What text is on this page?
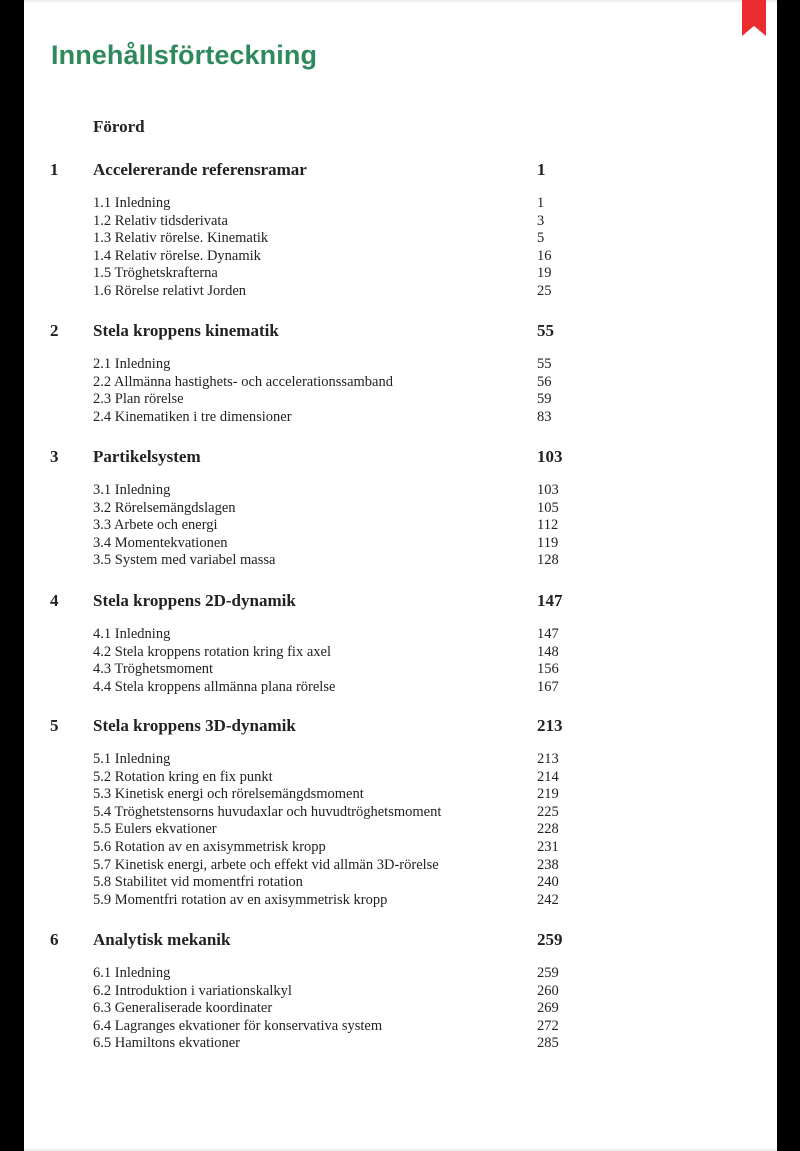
Innehållsförteckning
Förord
1 Accelererande referensramar	1
1.1 Inledning	1
1.2 Relativ tidsderivata	3
1.3 Relativ rörelse. Kinematik	5
1.4 Relativ rörelse. Dynamik	16
1.5 Tröghetskrafterna	19
1.6 Rörelse relativt Jorden	25
2 Stela kroppens kinematik	55
2.1 Inledning	55
2.2 Allmänna hastighets- och accelerationssamband	56
2.3 Plan rörelse	59
2.4 Kinematiken i tre dimensioner	83
3 Partikelsystem	103
3.1 Inledning	103
3.2 Rörelsemängdslagen	105
3.3 Arbete och energi	112
3.4 Momentekvationen	119
3.5 System med variabel massa	128
4 Stela kroppens 2D-dynamik	147
4.1 Inledning	147
4.2 Stela kroppens rotation kring fix axel	148
4.3 Tröghetsmoment	156
4.4 Stela kroppens allmänna plana rörelse	167
5 Stela kroppens 3D-dynamik	213
5.1 Inledning	213
5.2 Rotation kring en fix punkt	214
5.3 Kinetisk energi och rörelsemängdsmoment	219
5.4 Tröghetstensorns huvudaxlar och huvudtröghetsmoment	225
5.5 Eulers ekvationer	228
5.6 Rotation av en axisymmetrisk kropp	231
5.7 Kinetisk energi, arbete och effekt vid allmän 3D-rörelse	238
5.8 Stabilitet vid momentfri rotation	240
5.9 Momentfri rotation av en axisymmetrisk kropp	242
6 Analytisk mekanik	259
6.1 Inledning	259
6.2 Introduktion i variationskalkyl	260
6.3 Generaliserade koordinater	269
6.4 Lagranges ekvationer för konservativa system	272
6.5 Hamiltons ekvationer	285
